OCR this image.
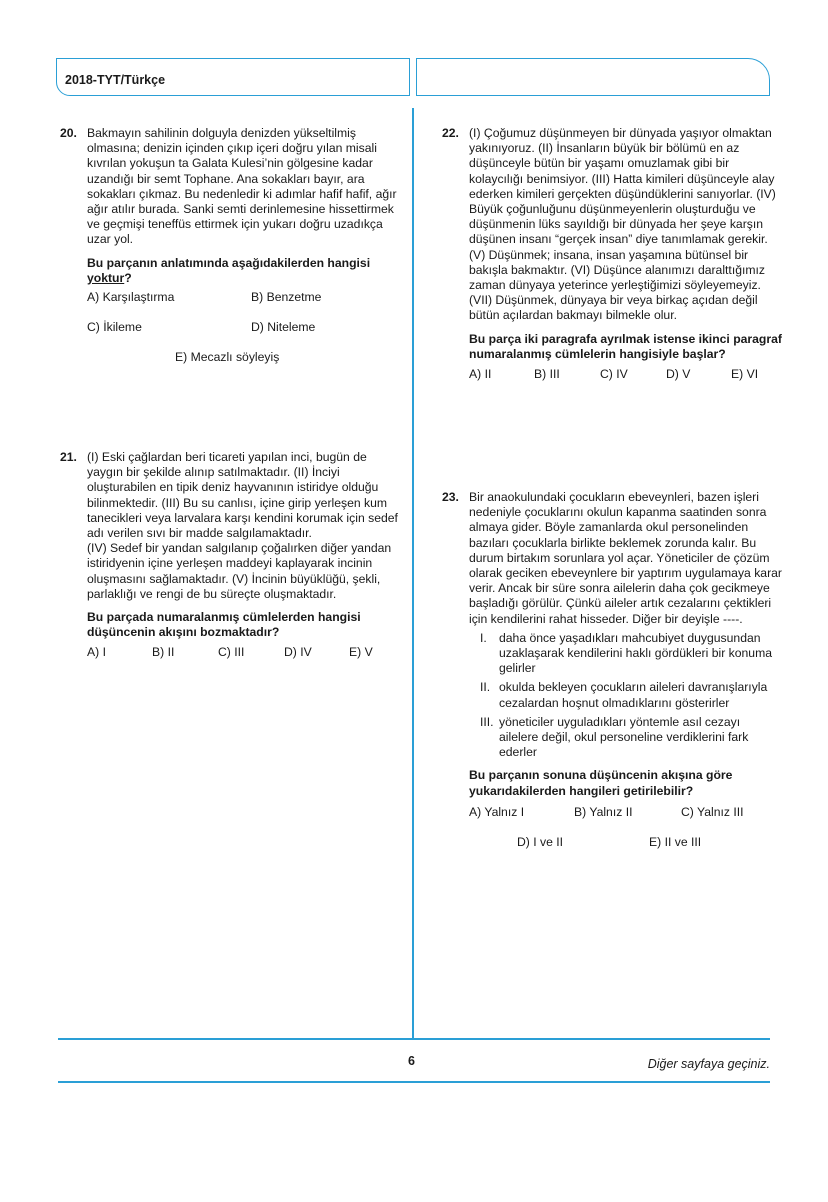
2018-TYT/Türkçe
20. Bakmayın sahilinin dolguyla denizden yükseltilmiş olmasına; denizin içinden çıkıp içeri doğru yılan misali kıvrılan yokuşun ta Galata Kulesi’nin gölgesine kadar uzandığı bir semt Tophane. Ana sokakları bayır, ara sokakları çıkmaz. Bu nedenledir ki adımlar hafif hafif, ağır ağır atılır burada. Sanki semti derinlemesine hissettirmek ve geçmişi teneffüs ettirmek için yukarı doğru uzadıkça uzar yol.
Bu parçanın anlatımında aşağıdakilerden hangisi yoktur?
A) Karşılaştırma	B) Benzetme
C) İkileme	D) Niteleme
E) Mecazlı söyleyiş
21. (I) Eski çağlardan beri ticareti yapılan inci, bugün de yaygın bir şekilde alınıp satılmaktadır. (II) İnciyi oluşturabilen en tipik deniz hayvanının istiridye olduğu bilinmektedir. (III) Bu su canlısı, içine girip yerleşen kum tanecikleri veya larvalara karşı kendini korumak için sedef adı verilen sıvı bir madde salgılamaktadır.
(IV) Sedef bir yandan salgılanıp çoğalırken diğer yandan istiridyenin içine yerleşen maddeyi kaplayarak incinin oluşmasını sağlamaktadır. (V) İncinin büyüklüğü, şekli, parlaklığı ve rengi de bu süreçte oluşmaktadır.
Bu parçada numaralanmış cümlelerden hangisi düşüncenin akışını bozmaktadır?
A) I	B) II	C) III	D) IV	E) V
22. (I) Çoğumuz düşünmeyen bir dünyada yaşıyor olmaktan yakınıyoruz. (II) İnsanların büyük bir bölümü en az düşünceyle bütün bir yaşamı omuzlamak gibi bir kolaycılığı benimsiyor. (III) Hatta kimileri düşünceyle alay ederken kimileri gerçekten düşündüklerini sanıyorlar. (IV) Büyük çoğunluğunu düşünmeyenlerin oluşturduğu ve düşünmenin lüks sayıldığı bir dünyada her şeye karşın düşünen insanı “gerçek insan” diye tanımlamak gerekir. (V) Düşünmek; insana, insan yaşamına bütünsel bir bakışla bakmaktır. (VI) Düşünce alanımızı daralttığımız zaman dünyaya yeterince yerleştiğimizi söyleyemeyiz. (VII) Düşünmek, dünyaya bir veya birkaç açıdan değil bütün açılardan bakmayı bilmekle olur.
Bu parça iki paragrafa ayrılmak istense ikinci paragraf numaralanmış cümlelerin hangisiyle başlar?
A) II	B) III	C) IV	D) V	E) VI
23. Bir anaokulundaki çocukların ebeveynleri, bazen işleri nedeniyle çocuklarını okulun kapanma saatinden sonra almaya gider. Böyle zamanlarda okul personelinden bazıları çocuklarla birlikte beklemek zorunda kalır. Bu durum birtakım sorunlara yol açar. Yöneticiler de çözüm olarak geciken ebeveynlere bir yaptırım uygulamaya karar verir. Ancak bir süre sonra ailelerin daha çok gecikmeye başladığı görülür. Çünkü aileler artık cezalarını çektikleri için kendilerini rahat hisseder. Diğer bir deyişle ----.
I. daha önce yaşadıkları mahcubiyet duygusundan uzaklaşarak kendilerini haklı gördükleri bir konuma gelirler
II. okulda bekleyen çocukların aileleri davranışlarıyla cezalardan hoşnut olmadıklarını gösterirler
III. yöneticiler uyguladıkları yöntemle asıl cezayı ailelere değil, okul personeline verdiklerini fark ederler
Bu parçanın sonuna düşüncenin akışına göre yukarıdakilerden hangileri getirilebilir?
A) Yalnız I	B) Yalnız II	C) Yalnız III
D) I ve II	E) II ve III
6	Diğer sayfaya geçiniz.
